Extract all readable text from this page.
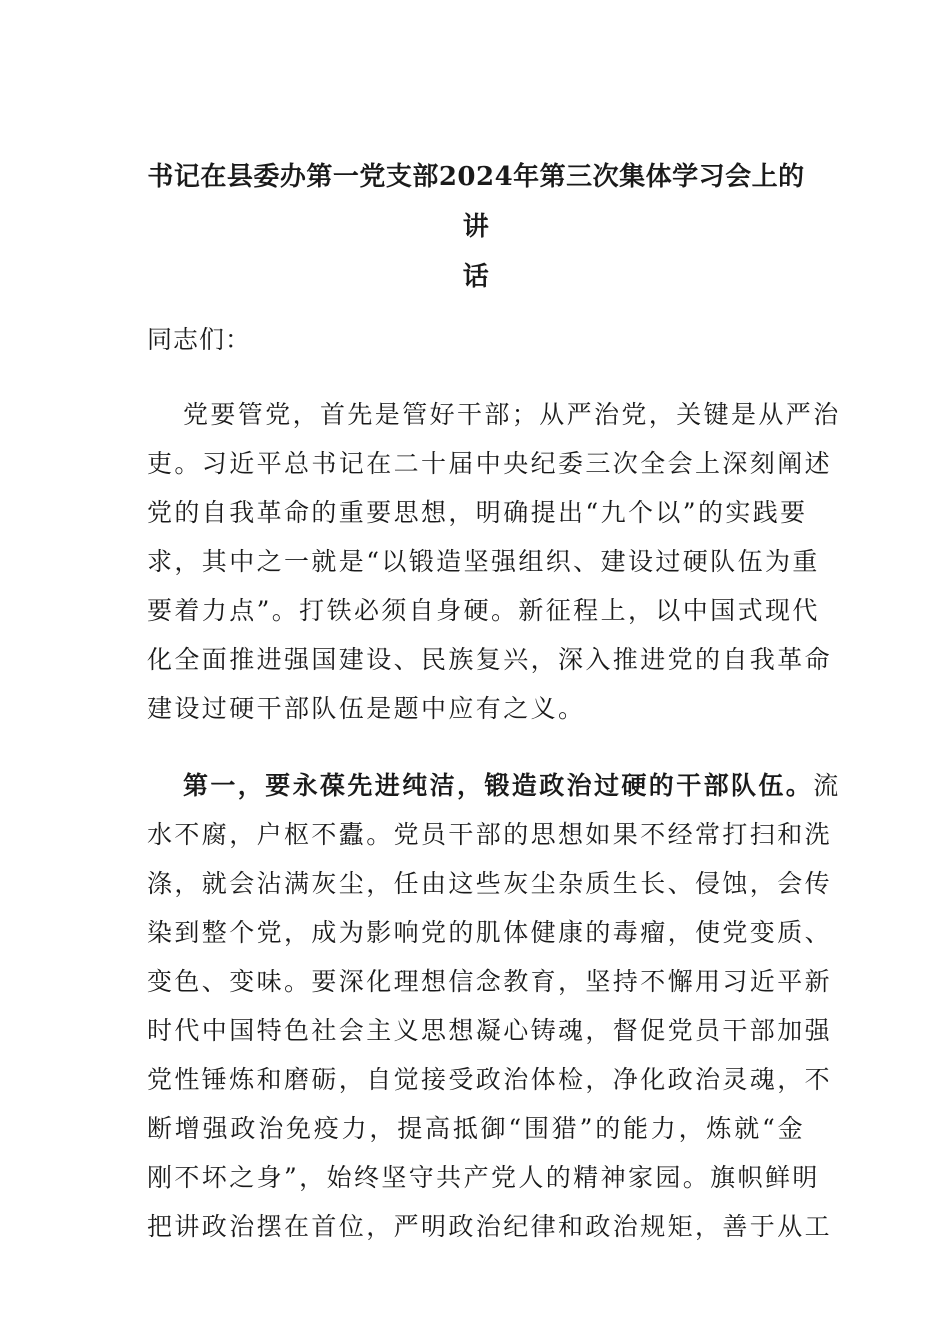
书记在县委办第一党支部2024年第三次集体学习会上的讲
话

同志们：

党要管党，首先是管好干部；从严治党，关键是从严治
吏。习近平总书记在二十届中央纪委三次全会上深刻阐述
党的自我革命的重要思想，明确提出“九个以”的实践要
求，其中之一就是“以锻造坚强组织、建设过硬队伍为重
要着力点”。打铁必须自身硬。新征程上，以中国式现代
化全面推进强国建设、民族复兴，深入推进党的自我革命
建设过硬干部队伍是题中应有之义。

第一，要永葆先进纯洁，锻造政治过硬的干部队伍。流
水不腐，户枢不蠹。党员干部的思想如果不经常打扫和洗
涤，就会沾满灰尘，任由这些灰尘杂质生长、侵蚀，会传
染到整个党，成为影响党的肌体健康的毒瘤，使党变质、
变色、变味。要深化理想信念教育，坚持不懈用习近平新
时代中国特色社会主义思想凝心铸魂，督促党员干部加强
党性锤炼和磨砺，自觉接受政治体检，净化政治灵魂，不
断增强政治免疫力，提高抵御“围猎”的能力，炼就“金
刚不坏之身”，始终坚守共产党人的精神家园。旗帜鲜明
把讲政治摆在首位，严明政治纪律和政治规矩，善于从工
